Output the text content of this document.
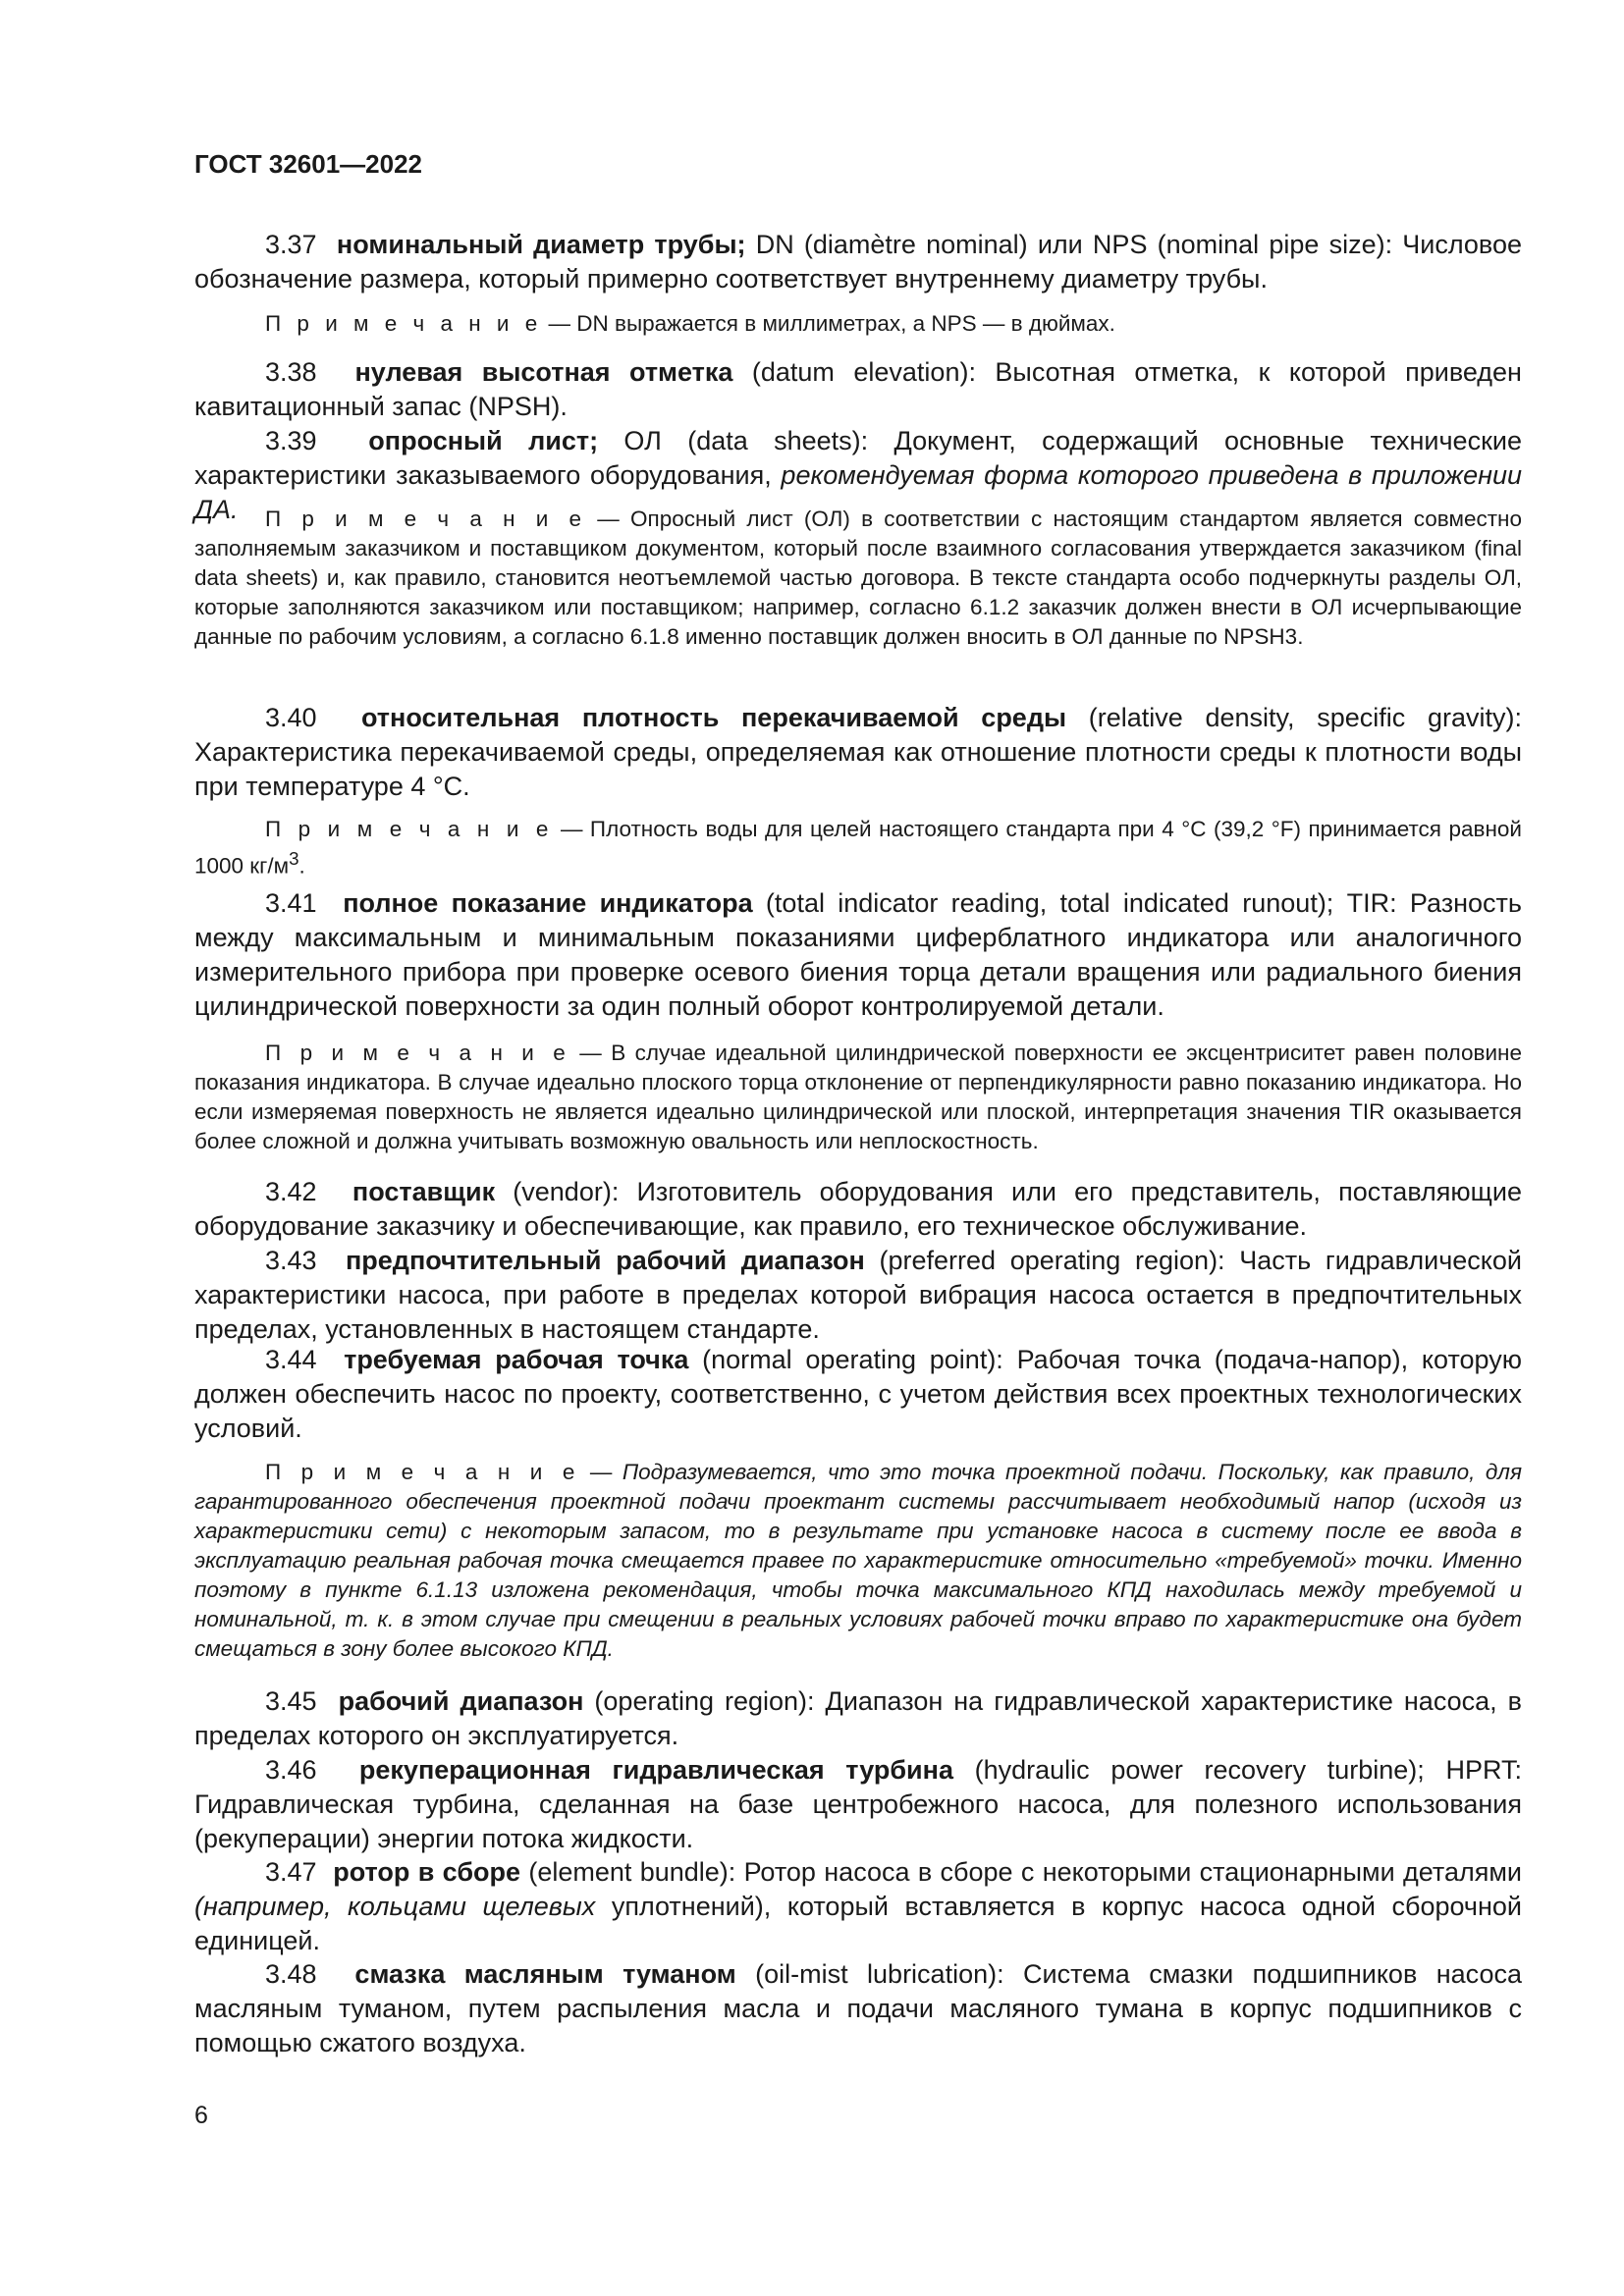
ГОСТ 32601—2022

3.37 номинальный диаметр трубы; DN (diamètre nominal) или NPS (nominal pipe size): Числовое обозначение размера, который примерно соответствует внутреннему диаметру трубы.

П р и м е ч а н и е — DN выражается в миллиметрах, а NPS — в дюймах.

3.38 нулевая высотная отметка (datum elevation): Высотная отметка, к которой приведен кавитационный запас (NPSH).

3.39 опросный лист; ОЛ (data sheets): Документ, содержащий основные технические характеристики заказываемого оборудования, рекомендуемая форма которого приведена в приложении ДА.	П р и м е ч а н и е — Опросный лист (ОЛ) в соответствии с настоящим стандартом является совместно заполняемым заказчиком и поставщиком документом, который после взаимного согласования утверждается заказчиком (final data sheets) и, как правило, становится неотъемлемой частью договора. В тексте стандарта особо подчеркнуты разделы ОЛ, которые заполняются заказчиком или поставщиком; например, согласно 6.1.2 заказчик должен внести в ОЛ исчерпывающие данные по рабочим условиям, а согласно 6.1.8 именно поставщик должен вносить в ОЛ данные по NPSH3.

3.40 относительная плотность перекачиваемой среды (relative density, specific gravity): Характеристика перекачиваемой среды, определяемая как отношение плотности среды к плотности воды при температуре 4 °С.

П р и м е ч а н и е — Плотность воды для целей настоящего стандарта при 4 °С (39,2 °F) принимается равной 1000 $кг/м^3$.

3.41 полное показание индикатора (total indicator reading, total indicated runout); TIR: Разность между максимальным и минимальным показаниями циферблатного индикатора или аналогичного измерительного прибора при проверке осевого биения торца детали вращения или радиального биения цилиндрической поверхности за один полный оборот контролируемой детали.

П р и м е ч а н и е — В случае идеальной цилиндрической поверхности ее эксцентриситет равен половине показания индикатора. В случае идеально плоского торца отклонение от перпендикулярности равно показанию индикатора. Но если измеряемая поверхность не является идеально цилиндрической или плоской, интерпретация значения TIR оказывается более сложной и должна учитывать возможную овальность или неплоскостность.

3.42 поставщик (vendor): Изготовитель оборудования или его представитель, поставляющие оборудование заказчику и обеспечивающие, как правило, его техническое обслуживание.

3.43 предпочтительный рабочий диапазон (preferred operating region): Часть гидравлической характеристики насоса, при работе в пределах которой вибрация насоса остается в предпочтительных пределах, установленных в настоящем стандарте.

3.44 требуемая рабочая точка (normal operating point): Рабочая точка (подача-напор), которую должен обеспечить насос по проекту, соответственно, с учетом действия всех проектных технологических условий.

П р и м е ч а н и е — Подразумевается, что это точка проектной подачи. Поскольку, как правило, для гарантированного обеспечения проектной подачи проектант системы рассчитывает необходимый напор (исходя из характеристики сети) с некоторым запасом, то в результате при установке насоса в систему после ее ввода в эксплуатацию реальная рабочая точка смещается правее по характеристике относительно «требуемой» точки. Именно поэтому в пункте 6.1.13 изложена рекомендация, чтобы точка максимального КПД находилась между требуемой и номинальной, т. к. в этом случае при смещении в реальных условиях рабочей точки вправо по характеристике она будет смещаться в зону более высокого КПД.

3.45 рабочий диапазон (operating region): Диапазон на гидравлической характеристике насоса, в пределах которого он эксплуатируется.

3.46 рекуперационная гидравлическая турбина (hydraulic power recovery turbine); HPRT: Гидравлическая турбина, сделанная на базе центробежного насоса, для полезного использования (рекуперации) энергии потока жидкости.

3.47 ротор в сборе (element bundle): Ротор насоса в сборе с некоторыми стационарными деталями (например, кольцами щелевых уплотнений), который вставляется в корпус насоса одной сборочной единицей.

3.48 смазка масляным туманом (oil-mist lubrication): Система смазки подшипников насоса масляным туманом, путем распыления масла и подачи масляного тумана в корпус подшипников с помощью сжатого воздуха.

6
